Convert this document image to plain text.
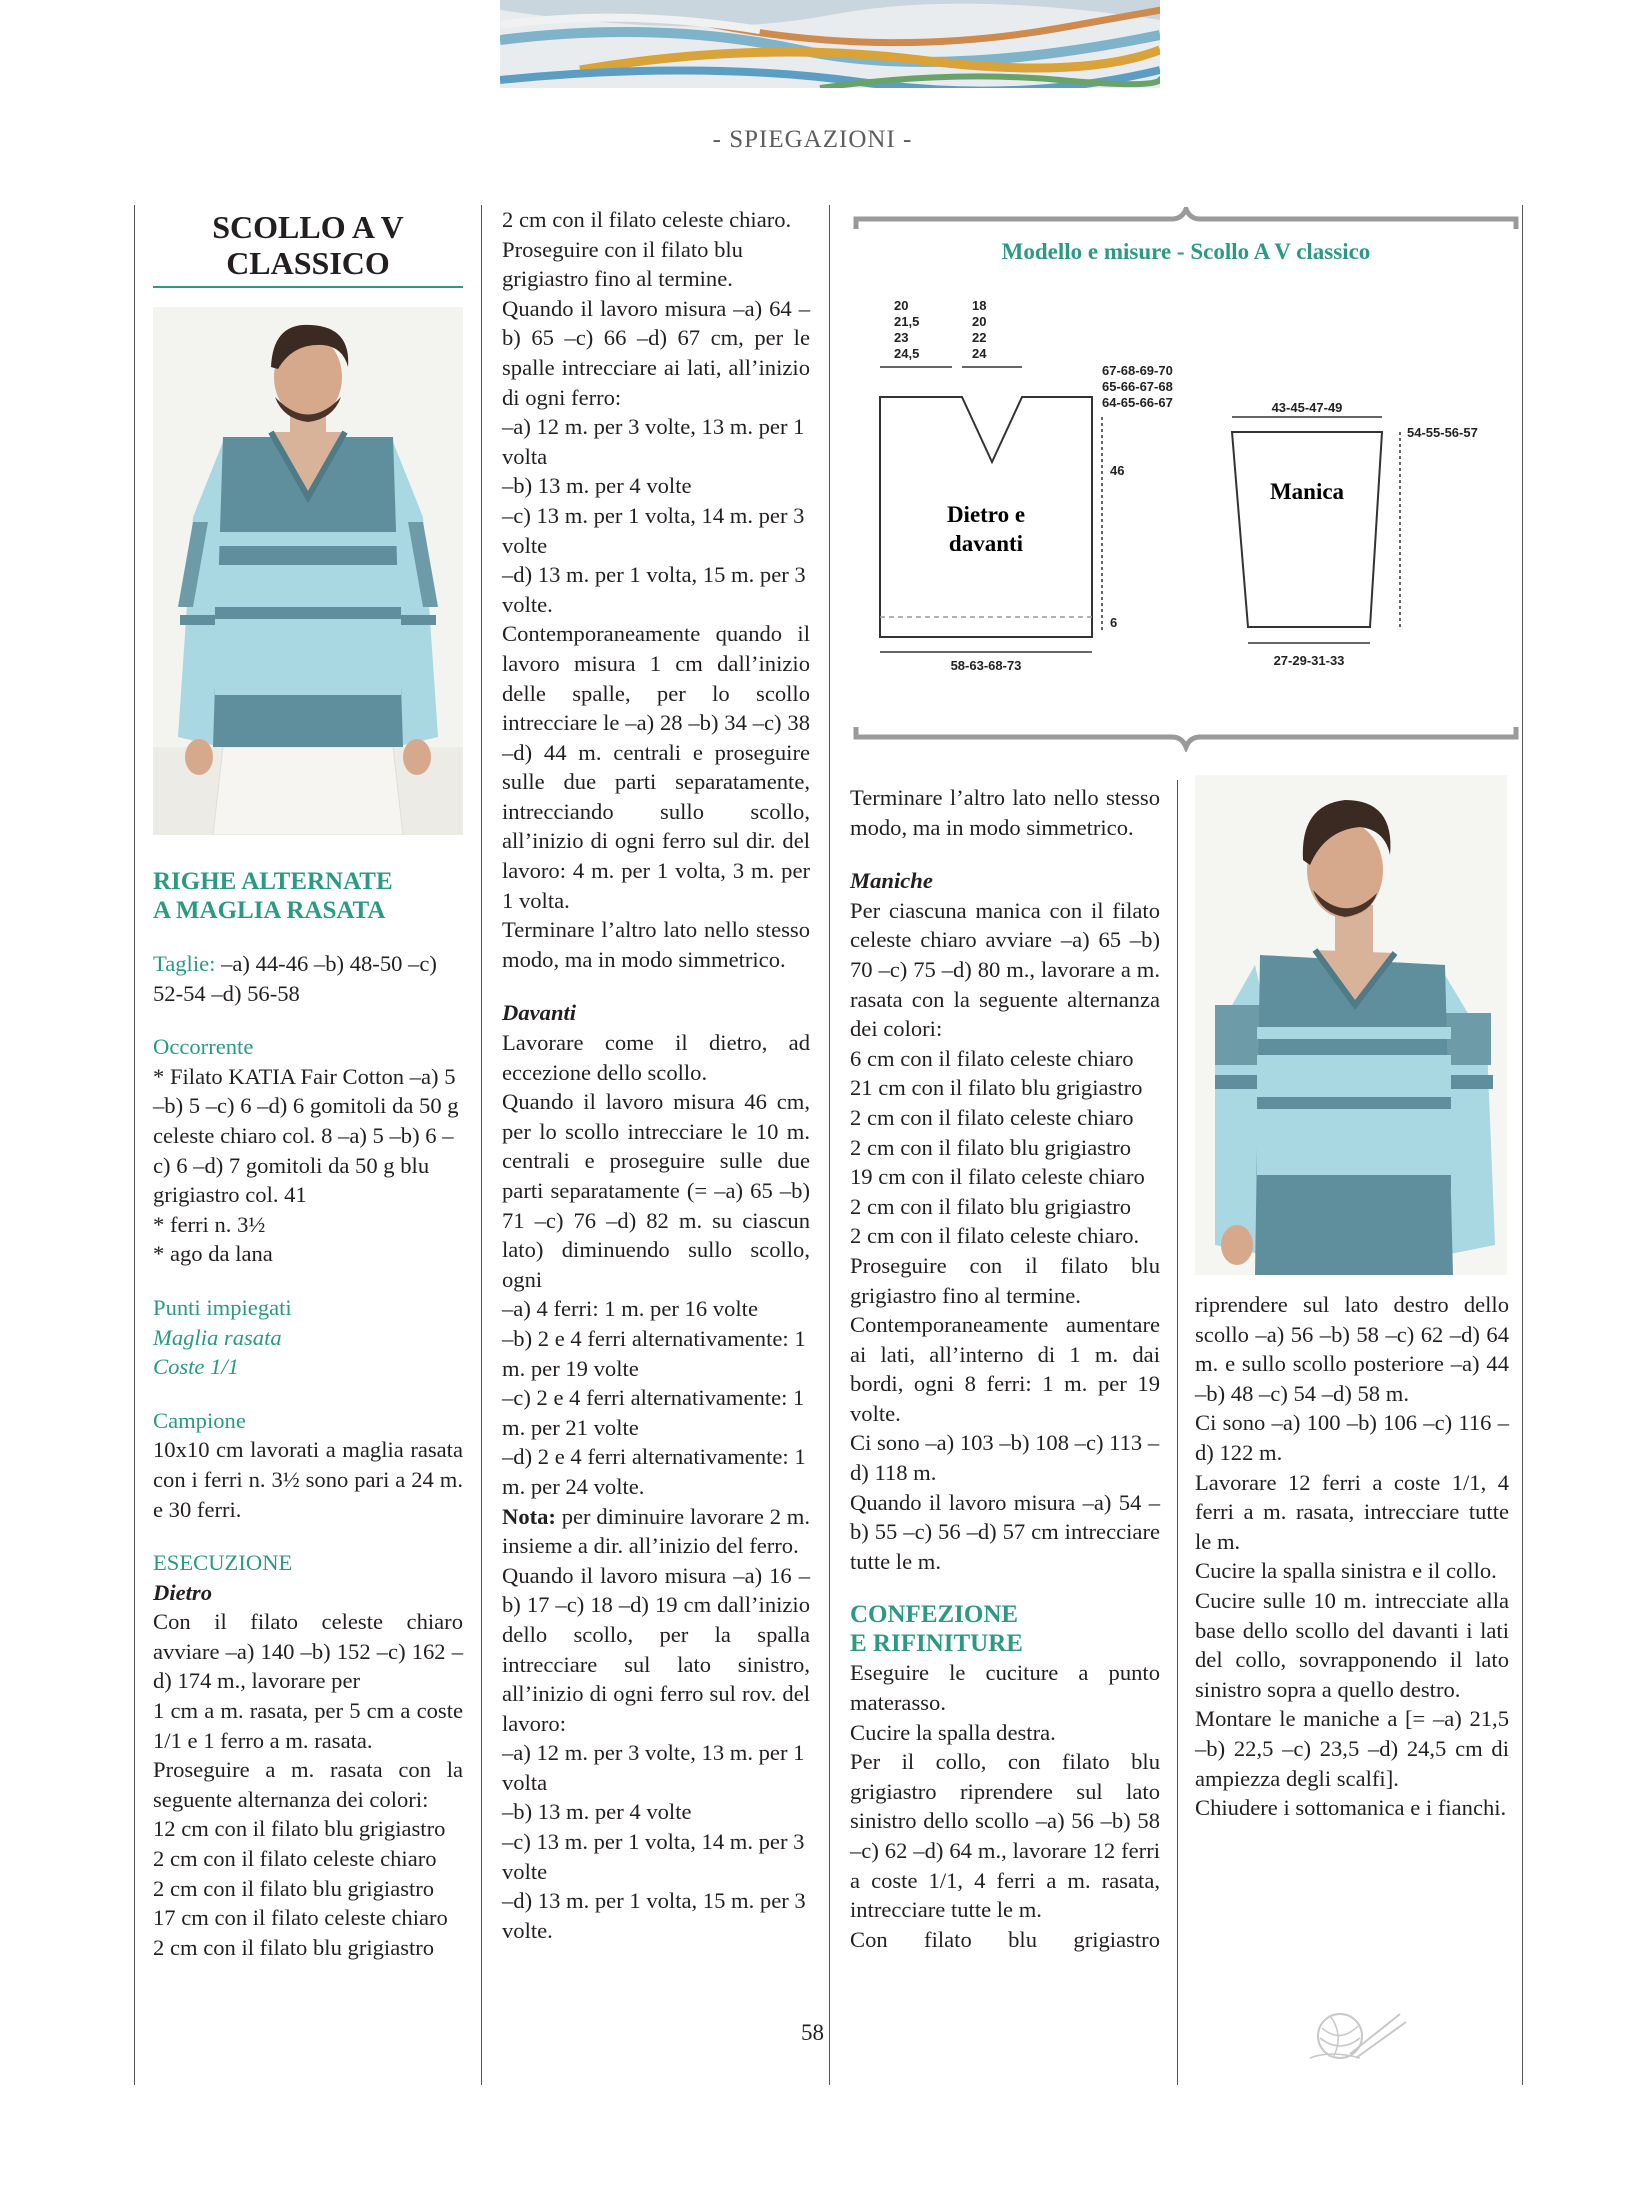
- SPIEGAZIONI -
SCOLLO A V
CLASSICO

RIGHE ALTERNATE
A MAGLIA RASATA

Taglie: –a) 44-46 –b) 48-50 –c) 52-54 –d) 56-58

Occorrente

* Filato KATIA Fair Cotton –a) 5 –b) 5 –c) 6 –d) 6 gomitoli da 50 g celeste chiaro col. 8 –a) 5 –b) 6 –c) 6 –d) 7 gomitoli da 50 g blu grigiastro col. 41

* ferri n. 3½

* ago da lana

Punti impiegati

Maglia rasata

Coste 1/1

Campione

10x10 cm lavorati a maglia rasata con i ferri n. 3½ sono pari a 24 m. e 30 ferri.

ESECUZIONE

Dietro

Con il filato celeste chiaro avviare –a) 140 –b) 152 –c) 162 –d) 174 m., lavorare per

1 cm a m. rasata, per 5 cm a coste 1/1 e 1 ferro a m. rasata.

Proseguire a m. rasata con la seguente alternanza dei colori:

12 cm con il filato blu grigiastro

2 cm con il filato celeste chiaro

2 cm con il filato blu grigiastro

17 cm con il filato celeste chiaro

2 cm con il filato blu grigiastro

2 cm con il filato celeste chiaro.

Proseguire con il filato blu grigiastro fino al termine.

Quando il lavoro misura –a) 64 –b) 65 –c) 66 –d) 67 cm, per le spalle intrecciare ai lati, all’inizio di ogni ferro:

–a) 12 m. per 3 volte, 13 m. per 1 volta

–b) 13 m. per 4 volte

–c) 13 m. per 1 volta, 14 m. per 3 volte

–d) 13 m. per 1 volta, 15 m. per 3 volte.

Contemporaneamente quando il lavoro misura 1 cm dall’inizio delle spalle, per lo scollo intrecciare le –a) 28 –b) 34 –c) 38 –d) 44 m. centrali e proseguire sulle due parti separatamente, intrecciando sullo scollo, all’inizio di ogni ferro sul dir. del lavoro: 4 m. per 1 volta, 3 m. per 1 volta.

Terminare l’altro lato nello stesso modo, ma in modo simmetrico.

Davanti

Lavorare come il dietro, ad eccezione dello scollo.

Quando il lavoro misura 46 cm, per lo scollo intrecciare le 10 m. centrali e proseguire sulle due parti separatamente (= –a) 65 –b) 71 –c) 76 –d) 82 m. su ciascun lato) diminuendo sullo scollo, ogni

–a) 4 ferri: 1 m. per 16 volte

–b) 2 e 4 ferri alternativamente: 1 m. per 19 volte

–c) 2 e 4 ferri alternativamente: 1 m. per 21 volte

–d) 2 e 4 ferri alternativamente: 1 m. per 24 volte.

Nota: per diminuire lavorare 2 m. insieme a dir. all’inizio del ferro.

Quando il lavoro misura –a) 16 –b) 17 –c) 18 –d) 19 cm dall’inizio dello scollo, per la spalla intrecciare sul lato sinistro, all’inizio di ogni ferro sul rov. del lavoro:

–a) 12 m. per 3 volte, 13 m. per 1 volta

–b) 13 m. per 4 volte

–c) 13 m. per 1 volta, 14 m. per 3 volte

–d) 13 m. per 1 volta, 15 m. per 3 volte.

Modello e misure - Scollo A V classico
Dietro e
davanti
20
21,5
23
24,5
18
20
22
24
67-68-69-70
65-66-67-68
64-65-66-67
46
6
58-63-68-73
Manica
43-45-47-49
54-55-56-57
27-29-31-33

Terminare l’altro lato nello stesso modo, ma in modo simmetrico.

Maniche

Per ciascuna manica con il filato celeste chiaro avviare –a) 65 –b) 70 –c) 75 –d) 80 m., lavorare a m. rasata con la seguente alternanza dei colori:

6 cm con il filato celeste chiaro

21 cm con il filato blu grigiastro

2 cm con il filato celeste chiaro

2 cm con il filato blu grigiastro

19 cm con il filato celeste chiaro

2 cm con il filato blu grigiastro

2 cm con il filato celeste chiaro.

Proseguire con il filato blu grigiastro fino al termine.

Contemporaneamente aumentare ai lati, all’interno di 1 m. dai bordi, ogni 8 ferri: 1 m. per 19 volte.

Ci sono –a) 103 –b) 108 –c) 113 –d) 118 m.

Quando il lavoro misura –a) 54 –b) 55 –c) 56 –d) 57 cm intrecciare tutte le m.

CONFEZIONE
E RIFINITURE

Eseguire le cuciture a punto materasso.

Cucire la spalla destra.

Per il collo, con filato blu grigiastro riprendere sul lato sinistro dello scollo –a) 56 –b) 58 –c) 62 –d) 64 m., lavorare 12 ferri a coste 1/1, 4 ferri a m. rasata, intrecciare tutte le m.

Con filato blu grigiastro

riprendere sul lato destro dello scollo –a) 56 –b) 58 –c) 62 –d) 64 m. e sullo scollo posteriore –a) 44 –b) 48 –c) 54 –d) 58 m.

Ci sono –a) 100 –b) 106 –c) 116 –d) 122 m.

Lavorare 12 ferri a coste 1/1, 4 ferri a m. rasata, intrecciare tutte le m.

Cucire la spalla sinistra e il collo.

Cucire sulle 10 m. intrecciate alla base dello scollo del davanti i lati del collo, sovrapponendo il lato sinistro sopra a quello destro.

Montare le maniche a [= –a) 21,5 –b) 22,5 –c) 23,5 –d) 24,5 cm di ampiezza degli scalfi].

Chiudere i sottomanica e i fianchi.

58
